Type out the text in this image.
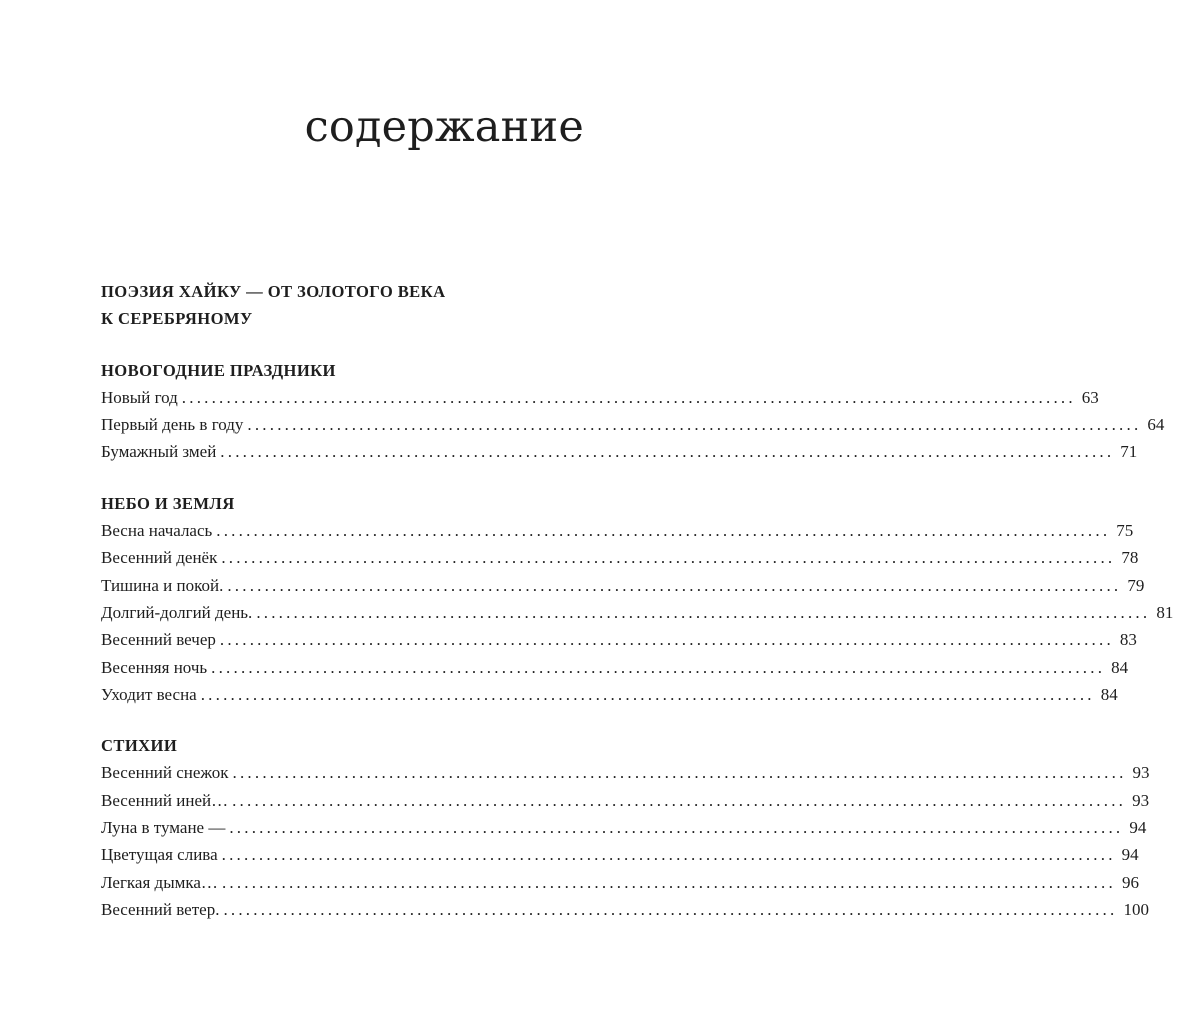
содержание

ПОЭЗИЯ ХАЙКУ — ОТ ЗОЛОТОГО ВЕКА

К СЕРЕБРЯНОМУ

НОВОГОДНИЕ ПРАЗДНИКИ

Новый год ........................................................................................................................ 63
Первый день в году ........................................................................................................................ 64
Бумажный змей ........................................................................................................................ 71

НЕБО И ЗЕМЛЯ

Весна началась ........................................................................................................................ 75
Весенний денёк ........................................................................................................................ 78
Тишина и покой. ........................................................................................................................ 79
Долгий-долгий день. ........................................................................................................................ 81
Весенний вечер ........................................................................................................................ 83
Весенняя ночь ........................................................................................................................ 84
Уходит весна ........................................................................................................................ 84

СТИХИИ

Весенний снежок ........................................................................................................................ 93
Весенний иней… ........................................................................................................................ 93
Луна в тумане — ........................................................................................................................ 94
Цветущая слива ........................................................................................................................ 94
Легкая дымка… ........................................................................................................................ 96
Весенний ветер. ........................................................................................................................ 100
